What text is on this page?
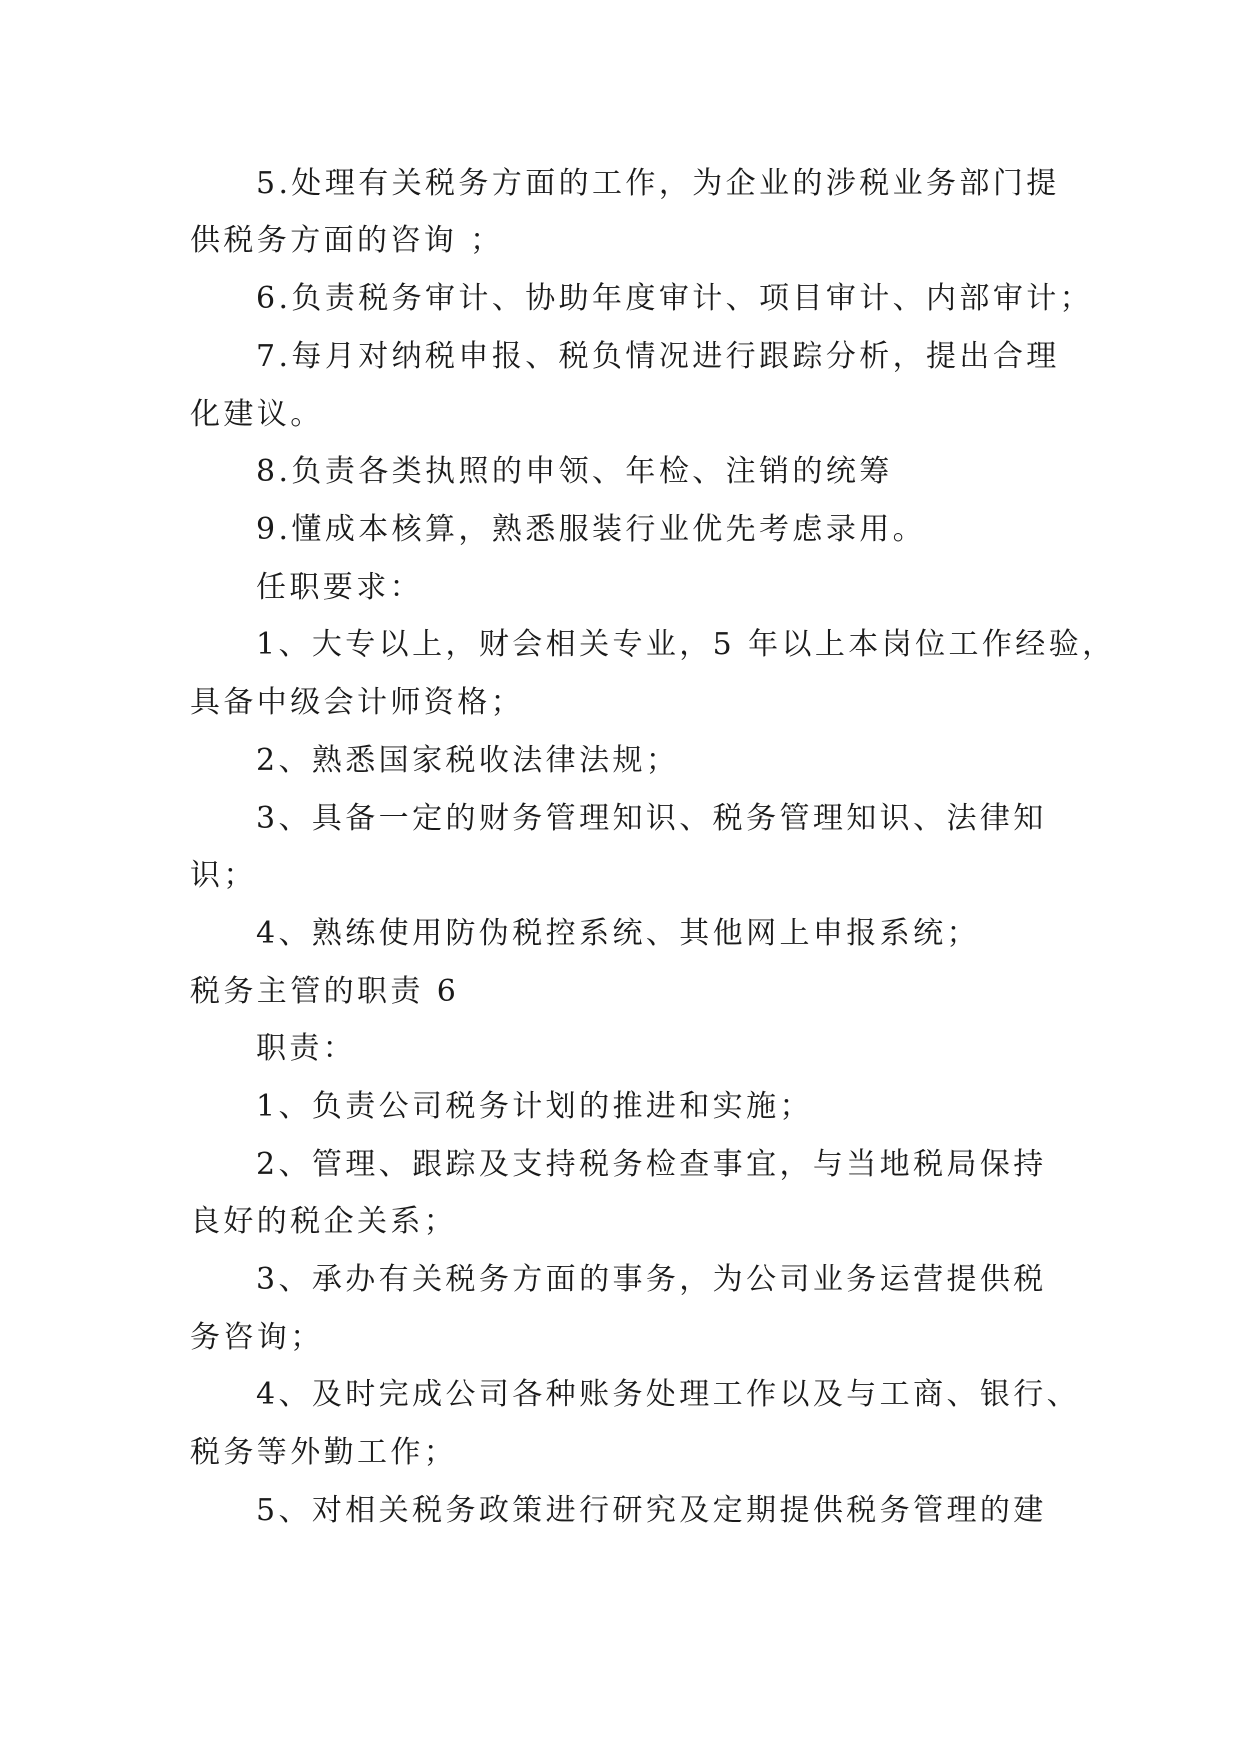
5.处理有关税务方面的工作，为企业的涉税业务部门提
供税务方面的咨询 ；
6.负责税务审计、协助年度审计、项目审计、内部审计；
7.每月对纳税申报、税负情况进行跟踪分析，提出合理
化建议。
8.负责各类执照的申领、年检、注销的统筹
9.懂成本核算，熟悉服装行业优先考虑录用。
任职要求：
1、大专以上，财会相关专业，5 年以上本岗位工作经验，
具备中级会计师资格；
2、熟悉国家税收法律法规；
3、具备一定的财务管理知识、税务管理知识、法律知
识；
4、熟练使用防伪税控系统、其他网上申报系统；
税务主管的职责 6
职责：
1、负责公司税务计划的推进和实施；
2、管理、跟踪及支持税务检查事宜，与当地税局保持
良好的税企关系；
3、承办有关税务方面的事务，为公司业务运营提供税
务咨询；
4、及时完成公司各种账务处理工作以及与工商、银行、
税务等外勤工作；
5、对相关税务政策进行研究及定期提供税务管理的建
